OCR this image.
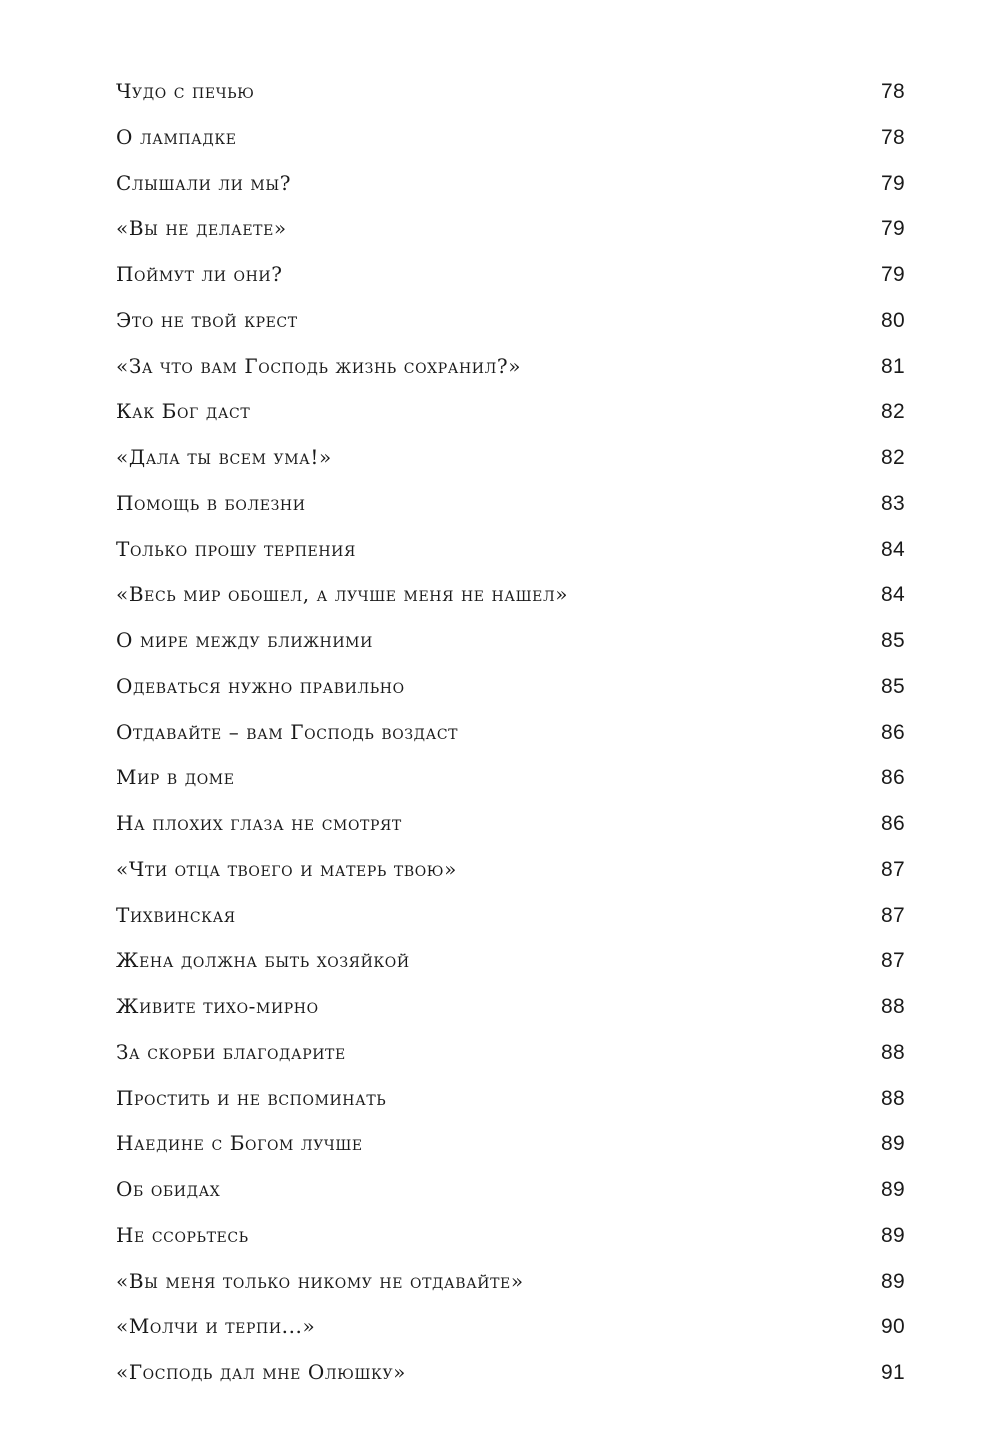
Чудо с печью	78
О лампадке	78
Слышали ли мы?	79
«Вы не делаете»	79
Поймут ли они?	79
Это не твой крест	80
«За что вам Господь жизнь сохранил?»	81
Как Бог даст	82
«Дала ты всем ума!»	82
Помощь в болезни	83
Только прошу терпения	84
«Весь мир обошел, а лучше меня не нашел»	84
О мире между ближними	85
Одеваться нужно правильно	85
Отдавайте – вам Господь воздаст	86
Мир в доме	86
На плохих глаза не смотрят	86
«Чти отца твоего и матерь твою»	87
Тихвинская	87
Жена должна быть хозяйкой	87
Живите тихо-мирно	88
За скорби благодарите	88
Простить и не вспоминать	88
Наедине с Богом лучше	89
Об обидах	89
Не ссорьтесь	89
«Вы меня только никому не отдавайте»	89
«Молчи и терпи...»	90
«Господь дал мне Олюшку»	91
